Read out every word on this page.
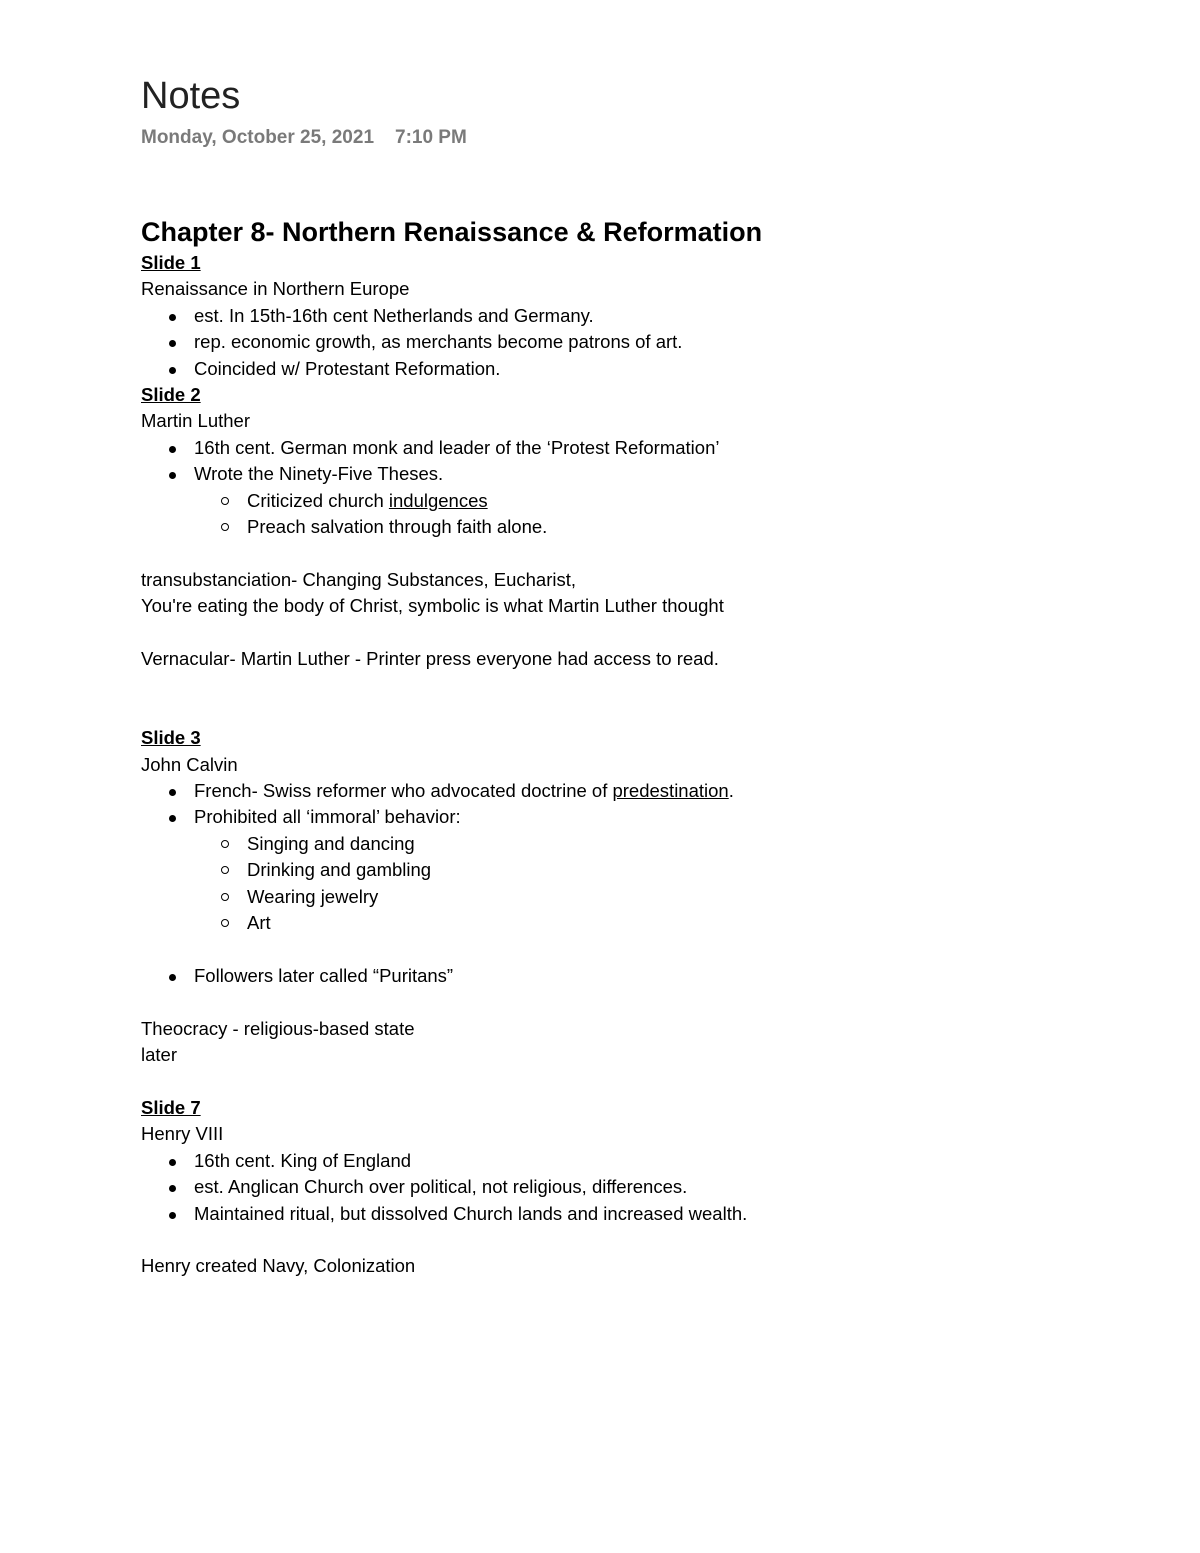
Notes
Monday, October 25, 2021 7:10 PM
Chapter 8- Northern Renaissance & Reformation
Slide 1
Renaissance in Northern Europe
est. In 15th-16th cent Netherlands and Germany.
rep. economic growth, as merchants become patrons of art.
Coincided w/ Protestant Reformation.
Slide 2
Martin Luther
16th cent. German monk and leader of the ‘Protest Reformation’
Wrote the Ninety-Five Theses.
Criticized church indulgences
Preach salvation through faith alone.
transubstanciation- Changing Substances, Eucharist,
You're eating the body of Christ, symbolic is what Martin Luther thought
Vernacular- Martin Luther - Printer press everyone had access to read.
Slide 3
John Calvin
French- Swiss reformer who advocated doctrine of predestination.
Prohibited all ‘immoral’ behavior:
Singing and dancing
Drinking and gambling
Wearing jewelry
Art
Followers later called “Puritans”
Theocracy - religious-based state
later
Slide 7
Henry VIII
16th cent. King of England
est. Anglican Church over political, not religious, differences.
Maintained ritual, but dissolved Church lands and increased wealth.
Henry created Navy, Colonization
